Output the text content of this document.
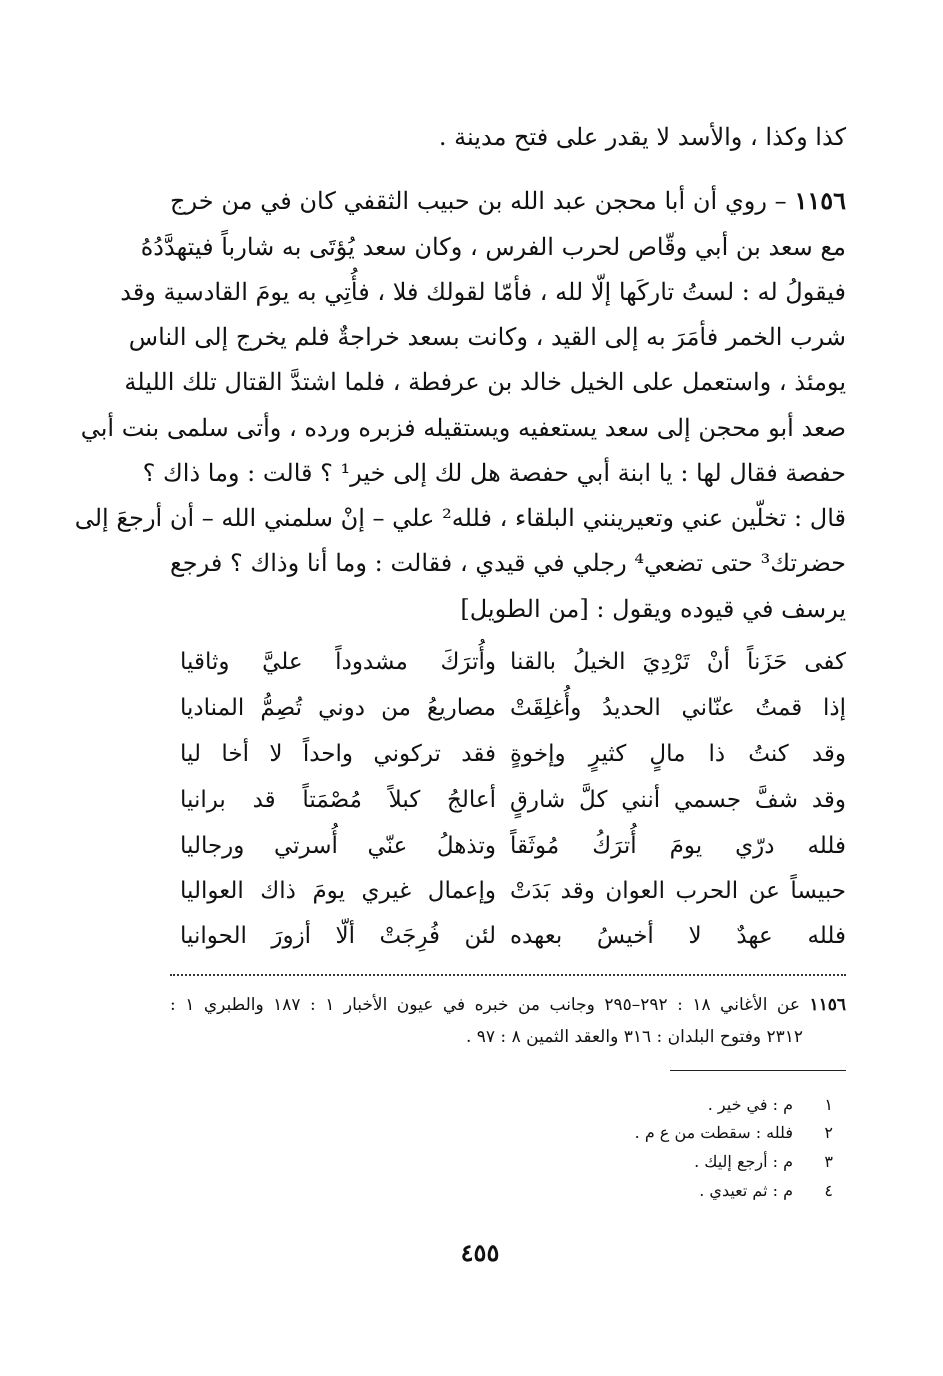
كذا وكذا ، والأسد لا يقدر على فتح مدينة .
١١٥٦ – روي أن أبا محجن عبد الله بن حبيب الثقفي كان في من خرج
مع سعد بن أبي وقّاص لحرب الفرس ، وكان سعد يُؤتَى به شارباً فيتهدَّدُهُ
فيقولُ له : لستُ تاركَها إلّا لله ، فأمّا لقولك فلا ، فأُتِي به يومَ القادسية وقد
شرب الخمر فأمَرَ به إلى القيد ، وكانت بسعد خراجةٌ فلم يخرج إلى الناس
يومئذ ، واستعمل على الخيل خالد بن عرفطة ، فلما اشتدَّ القتال تلك الليلة
صعد أبو محجن إلى سعد يستعفيه ويستقيله فزبره ورده ، وأتى سلمى بنت أبي
حفصة فقال لها : يا ابنة أبي حفصة هل لك إلى خير¹ ؟ قالت : وما ذاك ؟
قال : تخلّين عني وتعيرينني البلقاء ، فلله² علي – إنْ سلمني الله – أن أرجعَ إلى
حضرتك³ حتى تضعي⁴ رجلي في قيدي ، فقالت : وما أنا وذاك ؟ فرجع
يرسف في قيوده ويقول : [من الطويل]
كفى حَزَناً أنْ تَرْدِيَ الخيلُ بالقنا
وأُترَكَ مشدوداً عليَّ وثاقيا
إذا قمتُ عنّاني الحديدُ وأُغلِقَتْ
مصاريعُ من دوني تُصِمُّ المناديا
وقد كنتُ ذا مالٍ كثيرٍ وإخوةٍ
فقد تركوني واحداً لا أخا ليا
وقد شفَّ جسمي أنني كلَّ شارقٍ
أعالجُ كبلاً مُصْمَتاً قد برانيا
فلله درّي يومَ أُترَكُ مُوثَقاً
وتذهلُ عنّي أُسرتي ورجاليا
حبيساً عن الحرب العوان وقد بَدَتْ
وإعمال غيري يومَ ذاك العواليا
فلله عهدٌ لا أخيسُ بعهده
لئن فُرِجَتْ ألّا أزورَ الحوانيا
١١٥٦ عن الأغاني ١٨ : ٢٩٢–٢٩٥ وجانب من خبره في عيون الأخبار ١ : ١٨٧ والطبري ١ :
٢٣١٢ وفتوح البلدان : ٣١٦ والعقد الثمين ٨ : ٩٧ .
١م : في خير .
٢فلله : سقطت من ع م .
٣م : أرجع إليك .
٤م : ثم تعيدي .
٤٥٥
